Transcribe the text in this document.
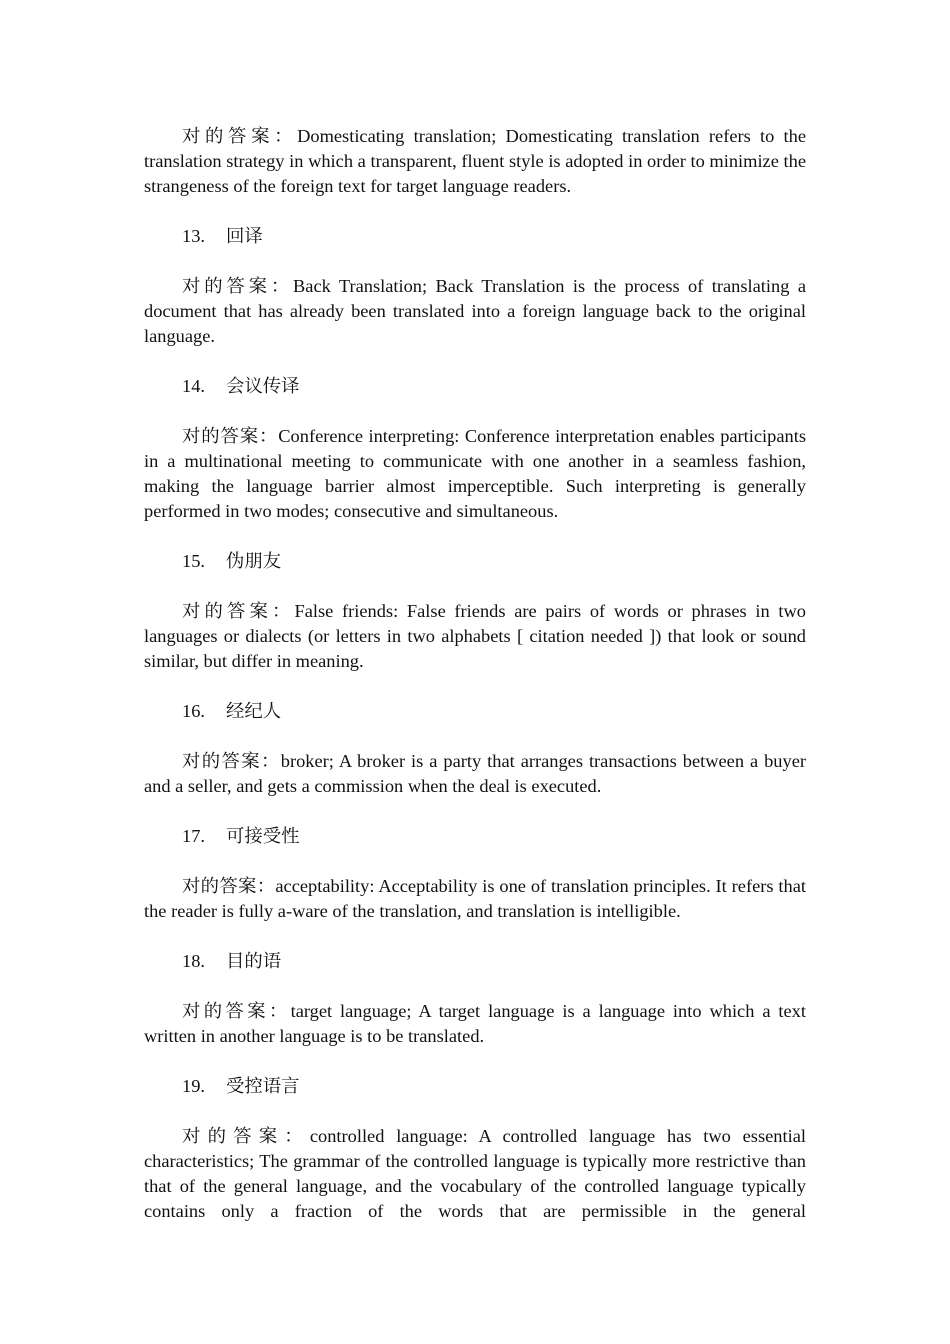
对的答案：Domesticating translation; Domesticating translation refers to the translation strategy in which a transparent, fluent style is adopted in order to minimize the strangeness of the foreign text for target language readers.

13. 回译

对的答案：Back Translation; Back Translation is the process of translating a document that has already been translated into a foreign language back to the original language.

14. 会议传译

对的答案：Conference interpreting: Conference interpretation enables participants in a multinational meeting to communicate with one another in a seamless fashion, making the language barrier almost imperceptible. Such interpreting is generally performed in two modes; consecutive and simultaneous.

15. 伪朋友

对的答案：False friends: False friends are pairs of words or phrases in two languages or dialects (or letters in two alphabets [ citation needed ]) that look or sound similar, but differ in meaning.

16. 经纪人

对的答案：broker; A broker is a party that arranges transactions between a buyer and a seller, and gets a commission when the deal is executed.

17. 可接受性

对的答案：acceptability: Acceptability is one of translation principles. It refers that the reader is fully a-ware of the translation, and translation is intelligible.

18. 目的语

对的答案：target language; A target language is a language into which a text written in another language is to be translated.

19. 受控语言

对的答案：controlled language: A controlled language has two essential characteristics; The grammar of the controlled language is typically more restrictive than that of the general language, and the vocabulary of the controlled language typically contains only a fraction of the words that are permissible in the general
